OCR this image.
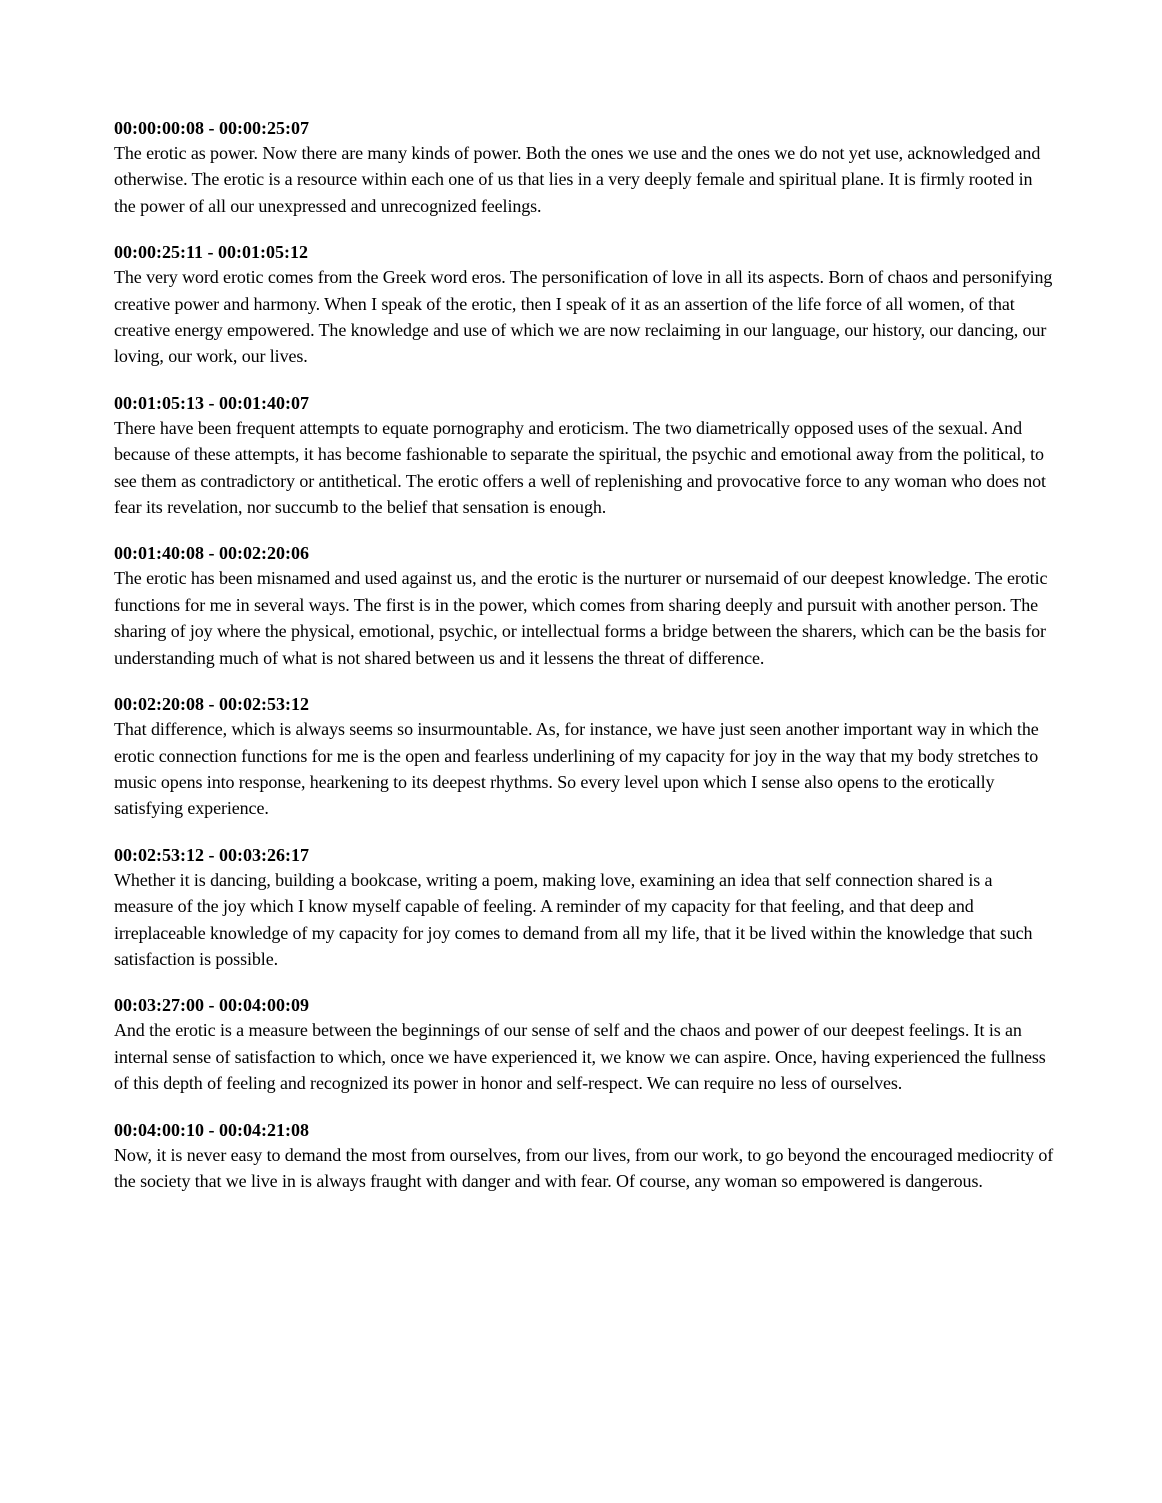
00:00:00:08 - 00:00:25:07

The erotic as power. Now there are many kinds of power. Both the ones we use and the ones we do not yet use, acknowledged and otherwise. The erotic is a resource within each one of us that lies in a very deeply female and spiritual plane. It is firmly rooted in the power of all our unexpressed and unrecognized feelings.

00:00:25:11 - 00:01:05:12

The very word erotic comes from the Greek word eros. The personification of love in all its aspects. Born of chaos and personifying creative power and harmony. When I speak of the erotic, then I speak of it as an assertion of the life force of all women, of that creative energy empowered. The knowledge and use of which we are now reclaiming in our language, our history, our dancing, our loving, our work, our lives.

00:01:05:13 - 00:01:40:07

There have been frequent attempts to equate pornography and eroticism. The two diametrically opposed uses of the sexual. And because of these attempts, it has become fashionable to separate the spiritual, the psychic and emotional away from the political, to see them as contradictory or antithetical. The erotic offers a well of replenishing and provocative force to any woman who does not fear its revelation, nor succumb to the belief that sensation is enough.

00:01:40:08 - 00:02:20:06

The erotic has been misnamed and used against us, and the erotic is the nurturer or nursemaid of our deepest knowledge. The erotic functions for me in several ways. The first is in the power, which comes from sharing deeply and pursuit with another person. The sharing of joy where the physical, emotional, psychic, or intellectual forms a bridge between the sharers, which can be the basis for understanding much of what is not shared between us and it lessens the threat of difference.

00:02:20:08 - 00:02:53:12

That difference, which is always seems so insurmountable. As, for instance, we have just seen another important way in which the erotic connection functions for me is the open and fearless underlining of my capacity for joy in the way that my body stretches to music opens into response, hearkening to its deepest rhythms. So every level upon which I sense also opens to the erotically satisfying experience.

00:02:53:12 - 00:03:26:17

Whether it is dancing, building a bookcase, writing a poem, making love, examining an idea that self connection shared is a measure of the joy which I know myself capable of feeling. A reminder of my capacity for that feeling, and that deep and irreplaceable knowledge of my capacity for joy comes to demand from all my life, that it be lived within the knowledge that such satisfaction is possible.

00:03:27:00 - 00:04:00:09

And the erotic is a measure between the beginnings of our sense of self and the chaos and power of our deepest feelings. It is an internal sense of satisfaction to which, once we have experienced it, we know we can aspire. Once, having experienced the fullness of this depth of feeling and recognized its power in honor and self-respect. We can require no less of ourselves.

00:04:00:10 - 00:04:21:08

Now, it is never easy to demand the most from ourselves, from our lives, from our work, to go beyond the encouraged mediocrity of the society that we live in is always fraught with danger and with fear. Of course, any woman so empowered is dangerous.
